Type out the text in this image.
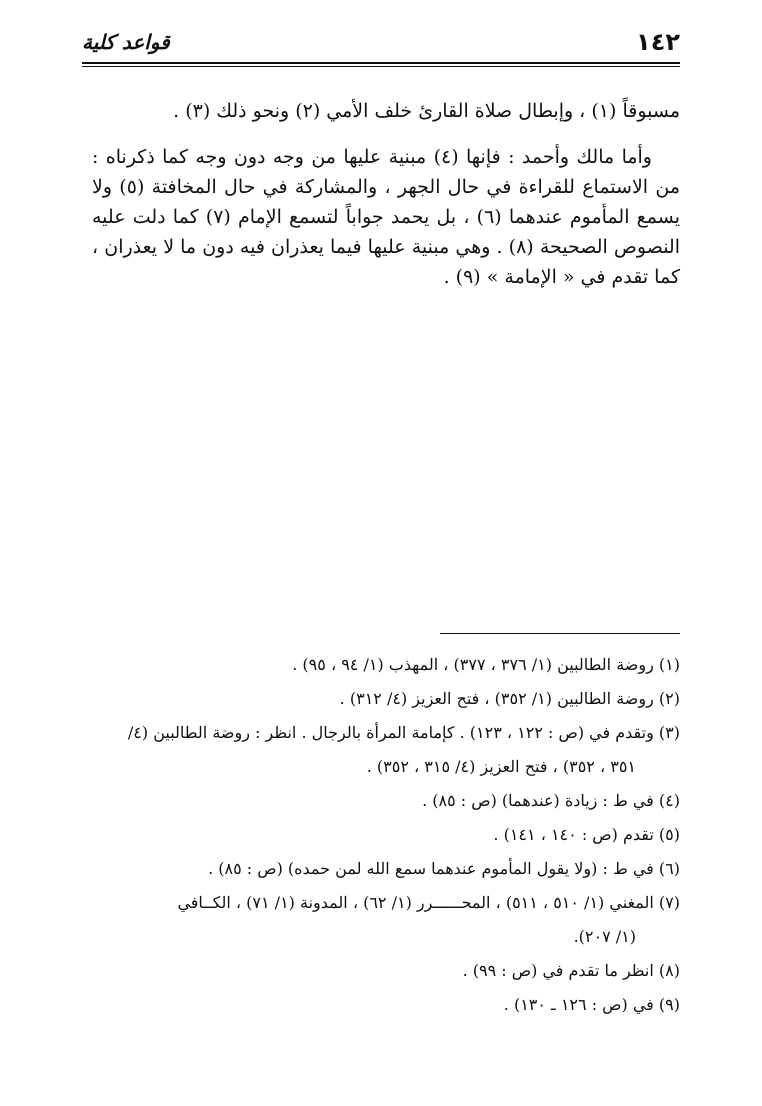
١٤٢
قواعد كلية

مسبوقاً (١) ، وإبطال صلاة القارئ خلف الأمي (٢) ونحو ذلك (٣) .

وأما مالك وأحمد : فإنها (٤) مبنية عليها من وجه دون وجه كما ذكرناه : من الاستماع للقراءة في حال الجهر ، والمشاركة في حال المخافتة (٥) ولا يسمع المأموم عندهما (٦) ، بل يحمد جواباً لتسمع الإمام (٧) كما دلت عليه النصوص الصحيحة (٨) . وهي مبنية عليها فيما يعذران فيه دون ما لا يعذران ، كما تقدم في « الإمامة » (٩) .

(١) روضة الطالبين (١/ ٣٧٦ ، ٣٧٧) ، المهذب (١/ ٩٤ ، ٩٥) .

(٢) روضة الطالبين (١/ ٣٥٢) ، فتح العزيز (٤/ ٣١٢) .

(٣) وتقدم في (ص : ١٢٢ ، ١٢٣) . كإمامة المرأة بالرجال . انظر : روضة الطالبين (٤/
٣٥١ ، ٣٥٢) ، فتح العزيز (٤/ ٣١٥ ، ٣٥٢) .

(٤) في ط : زيادة (عندهما) (ص : ٨٥) .

(٥) تقدم (ص : ١٤٠ ، ١٤١) .

(٦) في ط : (ولا يقول المأموم عندهما سمع الله لمن حمده) (ص : ٨٥) .

(٧) المغني (١/ ٥١٠ ، ٥١١) ، المحــــــرر (١/ ٦٢) ، المدونة (١/ ٧١) ، الكــافي
(١/ ٢٠٧).

(٨) انظر ما تقدم في (ص : ٩٩) .

(٩) في (ص : ١٢٦ ـ ١٣٠) .
